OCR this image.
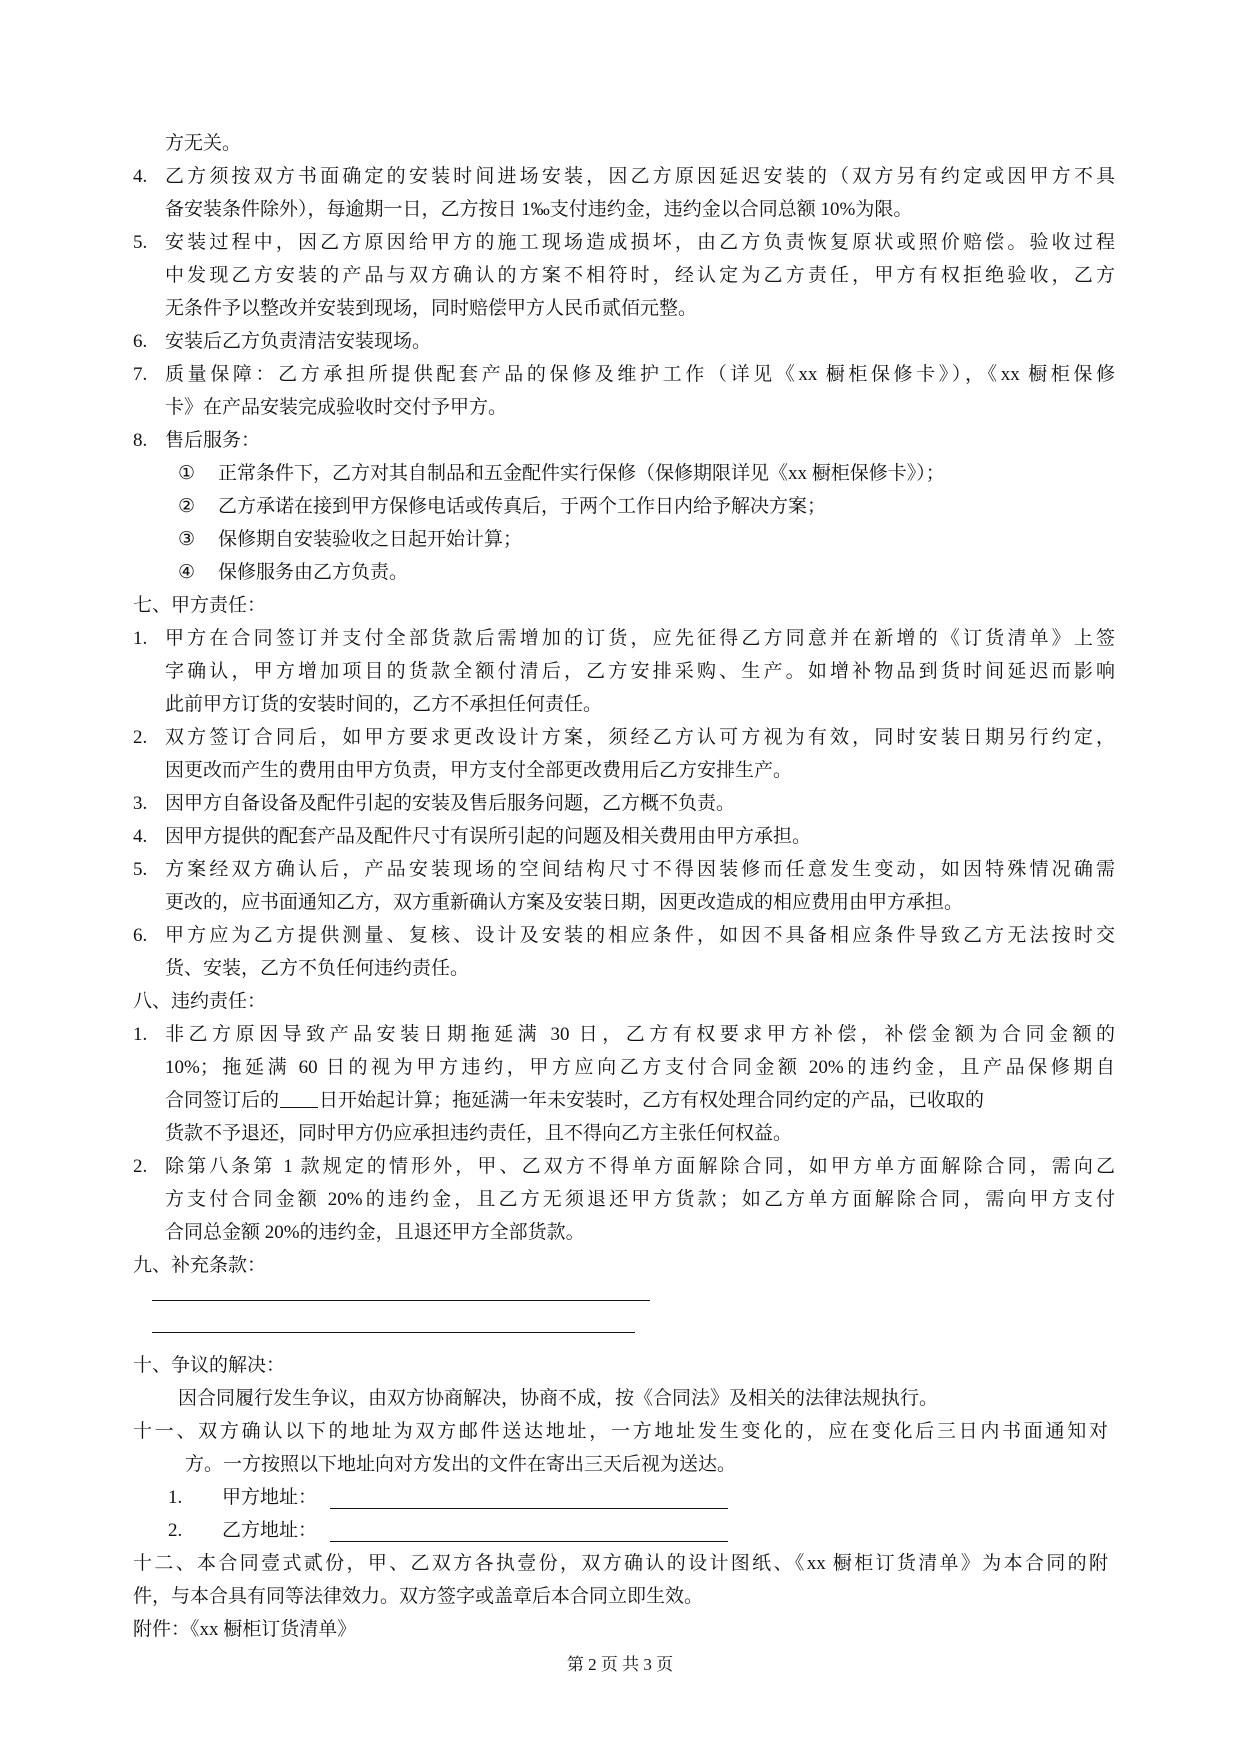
方无关。
4. 乙方须按双方书面确定的安装时间进场安装，因乙方原因延迟安装的（双方另有约定或因甲方不具
备安装条件除外），每逾期一日，乙方按日 1‰支付违约金，违约金以合同总额 10%为限。
5. 安装过程中，因乙方原因给甲方的施工现场造成损坏，由乙方负责恢复原状或照价赔偿。验收过程
中发现乙方安装的产品与双方确认的方案不相符时，经认定为乙方责任，甲方有权拒绝验收，乙方
无条件予以整改并安装到现场，同时赔偿甲方人民币贰佰元整。
6. 安装后乙方负责清洁安装现场。
7. 质量保障：乙方承担所提供配套产品的保修及维护工作（详见《xx 橱柜保修卡》），《xx 橱柜保修
卡》在产品安装完成验收时交付予甲方。
8. 售后服务：
① 正常条件下，乙方对其自制品和五金配件实行保修（保修期限详见《xx 橱柜保修卡》）；
② 乙方承诺在接到甲方保修电话或传真后，于两个工作日内给予解决方案；
③ 保修期自安装验收之日起开始计算；
④ 保修服务由乙方负责。
七、甲方责任：
1. 甲方在合同签订并支付全部货款后需增加的订货，应先征得乙方同意并在新增的《订货清单》上签
字确认，甲方增加项目的货款全额付清后，乙方安排采购、生产。如增补物品到货时间延迟而影响
此前甲方订货的安装时间的，乙方不承担任何责任。
2. 双方签订合同后，如甲方要求更改设计方案，须经乙方认可方视为有效，同时安装日期另行约定，
因更改而产生的费用由甲方负责，甲方支付全部更改费用后乙方安排生产。
3. 因甲方自备设备及配件引起的安装及售后服务问题，乙方概不负责。
4. 因甲方提供的配套产品及配件尺寸有误所引起的问题及相关费用由甲方承担。
5. 方案经双方确认后，产品安装现场的空间结构尺寸不得因装修而任意发生变动，如因特殊情况确需
更改的，应书面通知乙方，双方重新确认方案及安装日期，因更改造成的相应费用由甲方承担。
6. 甲方应为乙方提供测量、复核、设计及安装的相应条件，如因不具备相应条件导致乙方无法按时交
货、安装，乙方不负任何违约责任。
八、违约责任：
1. 非乙方原因导致产品安装日期拖延满 30 日，乙方有权要求甲方补偿，补偿金额为合同金额的
10%；拖延满 60 日的视为甲方违约，甲方应向乙方支付合同金额 20%的违约金，且产品保修期自
合同签订后的 日开始起计算；拖延满一年未安装时，乙方有权处理合同约定的产品，已收取的
货款不予退还，同时甲方仍应承担违约责任，且不得向乙方主张任何权益。
2. 除第八条第 1 款规定的情形外，甲、乙双方不得单方面解除合同，如甲方单方面解除合同，需向乙
方支付合同金额 20%的违约金，且乙方无须退还甲方货款；如乙方单方面解除合同，需向甲方支付
合同总金额 20%的违约金，且退还甲方全部货款。
九、补充条款：
十、争议的解决：
因合同履行发生争议，由双方协商解决，协商不成，按《合同法》及相关的法律法规执行。
十一、双方确认以下的地址为双方邮件送达地址，一方地址发生变化的，应在变化后三日内书面通知对
方。一方按照以下地址向对方发出的文件在寄出三天后视为送达。
1. 甲方地址：
2. 乙方地址：
十二、本合同壹式贰份，甲、乙双方各执壹份，双方确认的设计图纸、《xx 橱柜订货清单》为本合同的附
件，与本合具有同等法律效力。双方签字或盖章后本合同立即生效。
附件：《xx 橱柜订货清单》
第 2 页 共 3 页
